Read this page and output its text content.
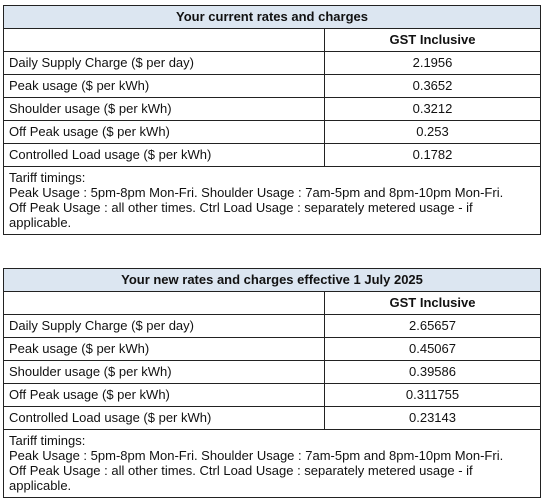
Your current rates and charges	
	GST Inclusive
Daily Supply Charge ($ per day)	2.1956
Peak usage ($ per kWh)	0.3652
Shoulder usage ($ per kWh)	0.3212
Off Peak usage ($ per kWh)	0.253
Controlled Load usage ($ per kWh)	0.1782

Tariff timings:
Peak Usage : 5pm-8pm Mon-Fri. Shoulder Usage : 7am-5pm and 8pm-10pm Mon-Fri.
Off Peak Usage : all other times. Ctrl Load Usage : separately metered usage - if
applicable.	
Your new rates and charges effective 1 July 2025	
	GST Inclusive
Daily Supply Charge ($ per day)	2.65657
Peak usage ($ per kWh)	0.45067
Shoulder usage ($ per kWh)	0.39586
Off Peak usage ($ per kWh)	0.311755
Controlled Load usage ($ per kWh)	0.23143

Tariff timings:
Peak Usage : 5pm-8pm Mon-Fri. Shoulder Usage : 7am-5pm and 8pm-10pm Mon-Fri.
Off Peak Usage : all other times. Ctrl Load Usage : separately metered usage - if
applicable.	
